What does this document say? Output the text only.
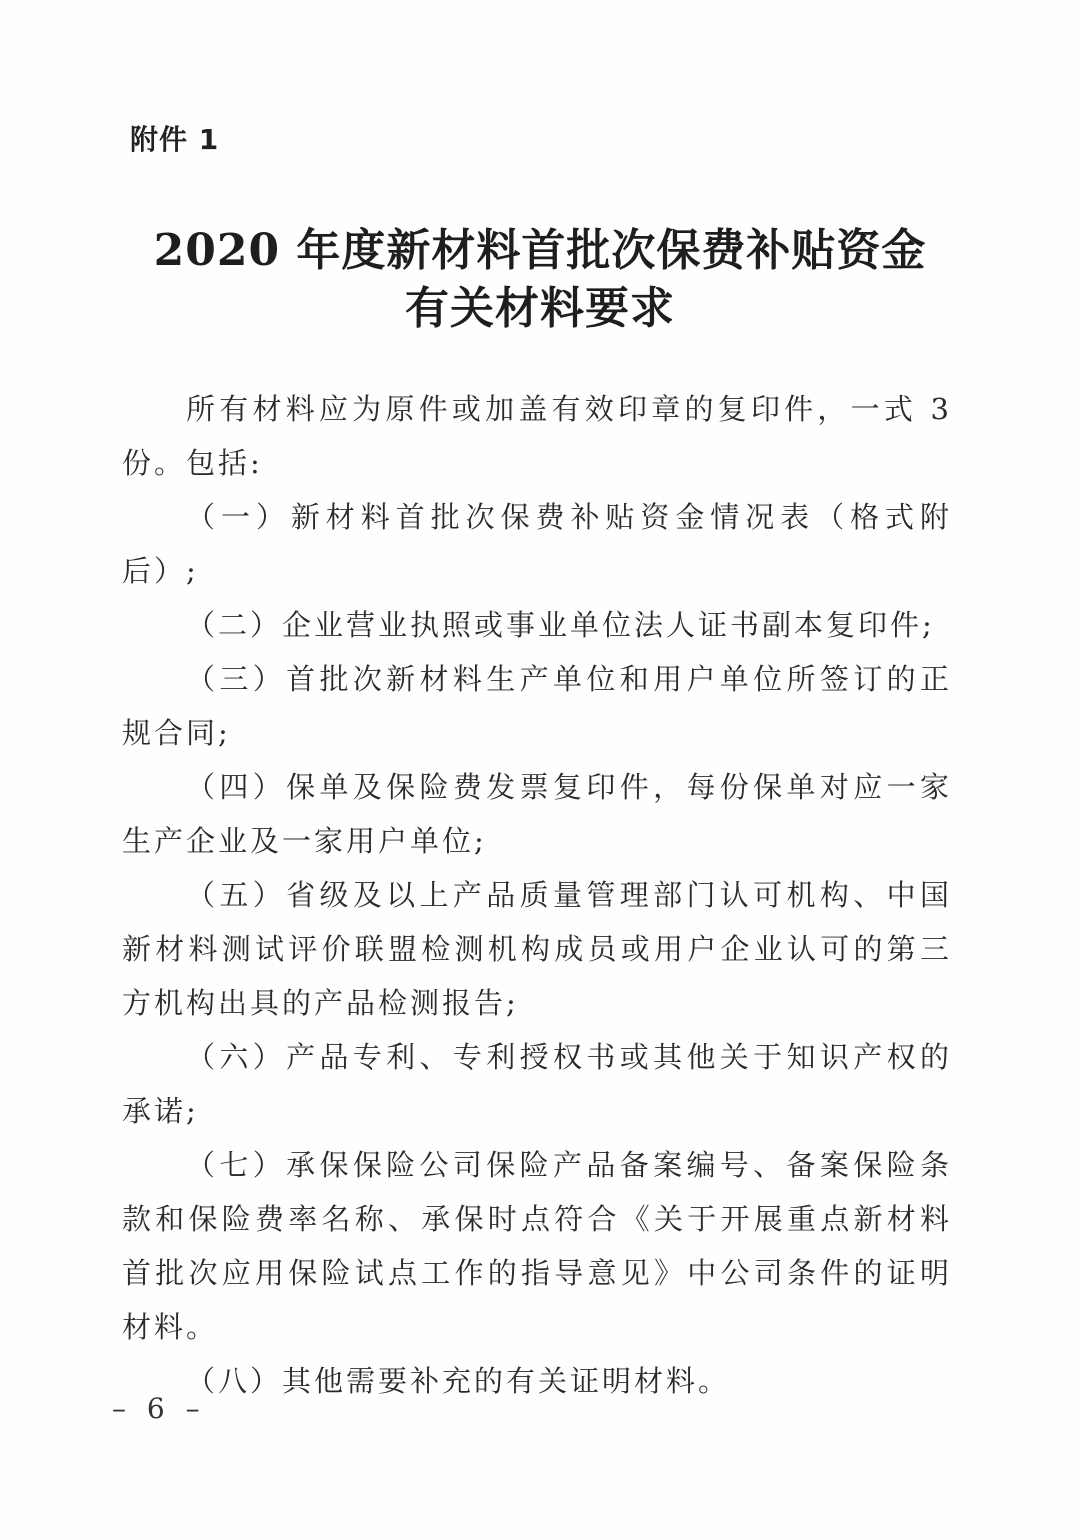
附件 1
2020 年度新材料首批次保费补贴资金
有关材料要求

所有材料应为原件或加盖有效印章的复印件，一式 3 份。包括:

（一）新材料首批次保费补贴资金情况表（格式附后）;

（二）企业营业执照或事业单位法人证书副本复印件;

（三）首批次新材料生产单位和用户单位所签订的正规合同;

（四）保单及保险费发票复印件，每份保单对应一家生产企业及一家用户单位;

（五）省级及以上产品质量管理部门认可机构、中国新材料测试评价联盟检测机构成员或用户企业认可的第三方机构出具的产品检测报告;

（六）产品专利、专利授权书或其他关于知识产权的承诺;

（七）承保保险公司保险产品备案编号、备案保险条款和保险费率名称、承保时点符合《关于开展重点新材料首批次应用保险试点工作的指导意见》中公司条件的证明材料。

（八）其他需要补充的有关证明材料。

– 6 –
